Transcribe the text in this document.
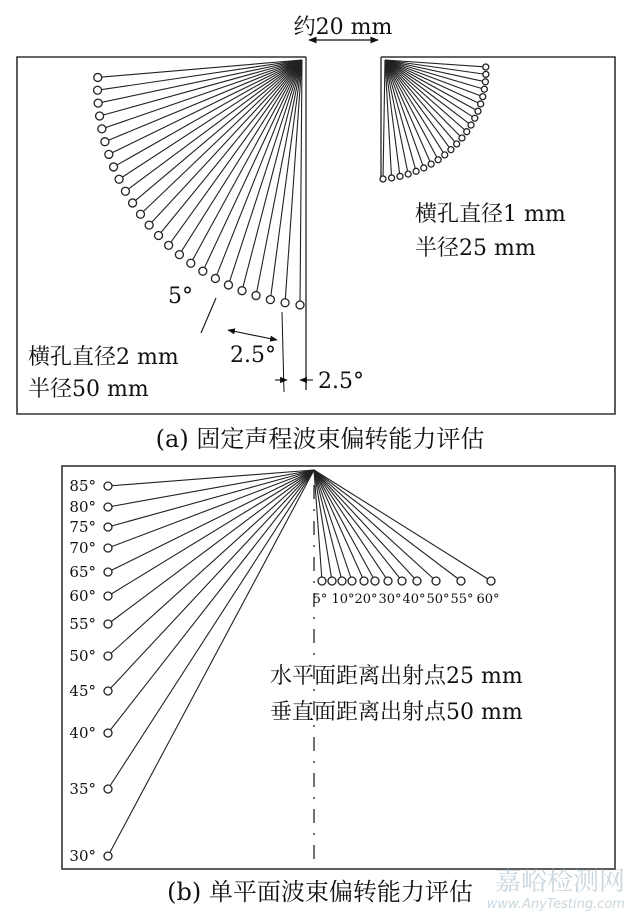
约20 mm
横孔直径1 mm
半径25 mm
横孔直径2 mm
半径50 mm
5°
2.5°
2.5°
(a) 固定声程波束偏转能力评估
85°
80°
75°
70°
65°
60°
55°
50°
45°
40°
35°
30°
5° 10° 20° 30° 40° 50° 55° 60°
水平面距离出射点25 mm
垂直面距离出射点50 mm
(b) 单平面波束偏转能力评估 嘉峪检测网
www.AnyTesting.com
